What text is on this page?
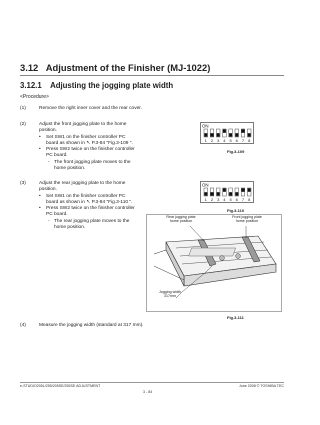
3.12 Adjustment of the Finisher (MJ-1022)
3.12.1 Adjusting the jogging plate width
<Procedure>
(1)	Remove the right inner cover and the rear cover.
(2)	Adjust the front jogging plate to the home
position.
• Set SW1 on the finisher controller PC
board as shown in ↖ P.3-84 "Fig.3-109 ".
Press SW2 twice on the finisher controller
PC board.
•
- The front jogging plate moves to the
home position.
(3)	Adjust the rear jogging plate to the home
position.
• Set SW1 on the finisher controller PC
board as shown in ↖ P.3-84 "Fig.3-110 ".
Press SW2 twice on the finisher controller
PC board.
•
- The rear jogging plate moves to the
home position.
(4)	Measure the jogging width (standard at 317 mm).
ON
1 2 3 4 5 6 7 8
Fig.3-109
ON
1 2 3 4 5 6 7 8
Fig.3-110
Rear jogging plate
home position
Front jogging plate
home position
Jogging width
317mm
Fig.3-111
e-STUDIO205L/255/205SE/255SE ADJUSTMENT	June 2008 © TOSHIBA TEC
3 - 84
